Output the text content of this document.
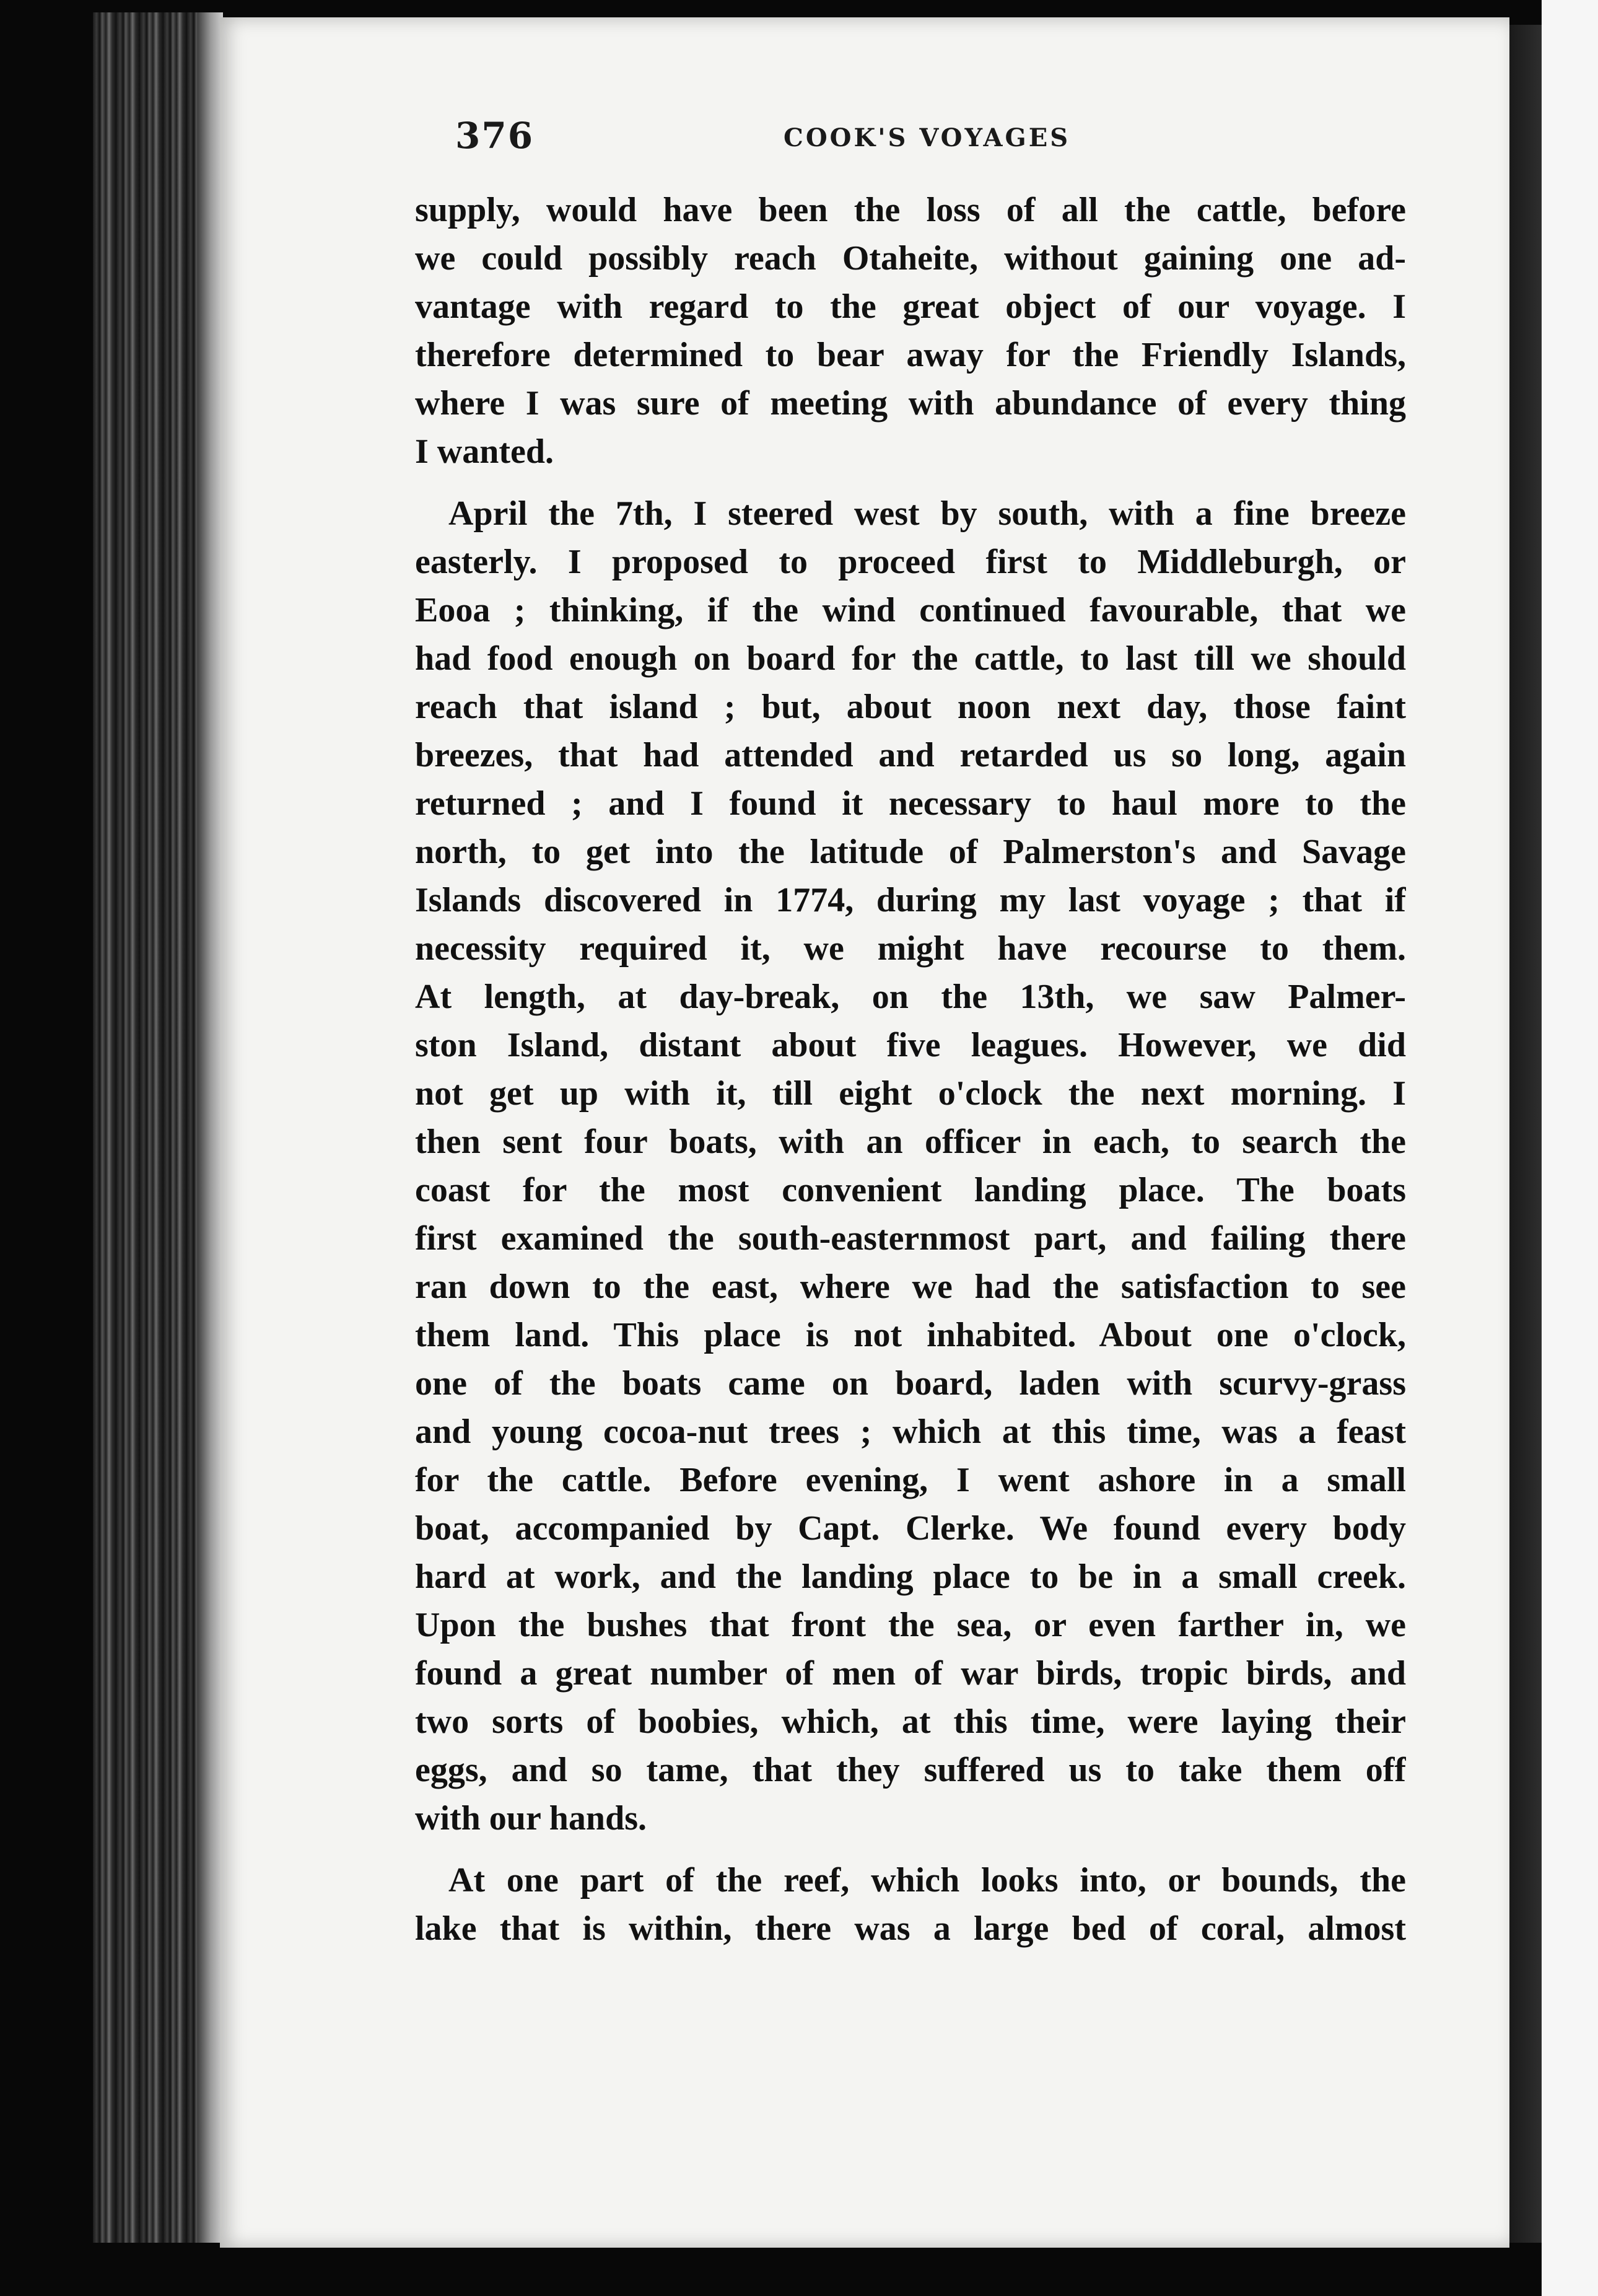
376	COOK'S VOYAGES
supply, would have been the loss of all the cattle, before
we could possibly reach Otaheite, without gaining one ad-
vantage with regard to the great object of our voyage. I
therefore determined to bear away for the Friendly Islands,
where I was sure of meeting with abundance of every thing
I wanted.
April the 7th, I steered west by south, with a fine breeze
easterly. I proposed to proceed first to Middleburgh, or
Eooa ; thinking, if the wind continued favourable, that we
had food enough on board for the cattle, to last till we should
reach that island ; but, about noon next day, those faint
breezes, that had attended and retarded us so long, again
returned ; and I found it necessary to haul more to the
north, to get into the latitude of Palmerston's and Savage
Islands discovered in 1774, during my last voyage ; that if
necessity required it, we might have recourse to them.
At length, at day-break, on the 13th, we saw Palmer-
ston Island, distant about five leagues. However, we did
not get up with it, till eight o'clock the next morning. I
then sent four boats, with an officer in each, to search the
coast for the most convenient landing place. The boats
first examined the south-easternmost part, and failing there
ran down to the east, where we had the satisfaction to see
them land. This place is not inhabited. About one o'clock,
one of the boats came on board, laden with scurvy-grass
and young cocoa-nut trees ; which at this time, was a feast
for the cattle. Before evening, I went ashore in a small
boat, accompanied by Capt. Clerke. We found every body
hard at work, and the landing place to be in a small creek.
Upon the bushes that front the sea, or even farther in, we
found a great number of men of war birds, tropic birds, and
two sorts of boobies, which, at this time, were laying their
eggs, and so tame, that they suffered us to take them off
with our hands.
At one part of the reef, which looks into, or bounds, the
lake that is within, there was a large bed of coral, almost
